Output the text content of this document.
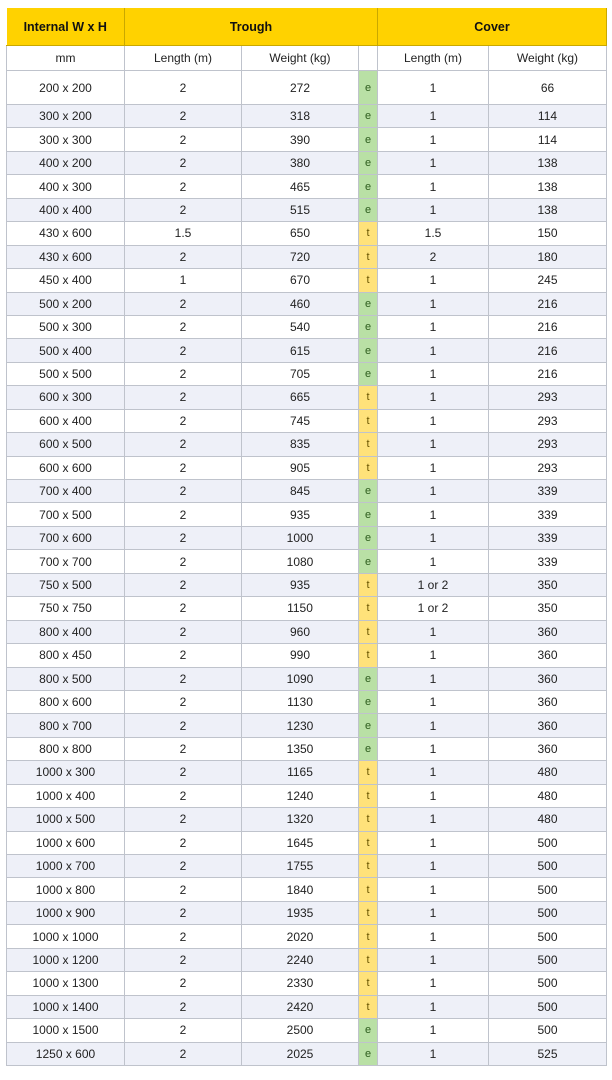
Internal W x H	Trough			Cover	
mm	Length (m)	Weight (kg)		Length (m)	Weight (kg)
200 x 200	2	272	e	1	66
300 x 200	2	318	e	1	114
300 x 300	2	390	e	1	114
400 x 200	2	380	e	1	138
400 x 300	2	465	e	1	138
400 x 400	2	515	e	1	138
430 x 600	1.5	650	t	1.5	150
430 x 600	2	720	t	2	180
450 x 400	1	670	t	1	245
500 x 200	2	460	e	1	216
500 x 300	2	540	e	1	216
500 x 400	2	615	e	1	216
500 x 500	2	705	e	1	216
600 x 300	2	665	t	1	293
600 x 400	2	745	t	1	293
600 x 500	2	835	t	1	293
600 x 600	2	905	t	1	293
700 x 400	2	845	e	1	339
700 x 500	2	935	e	1	339
700 x 600	2	1000	e	1	339
700 x 700	2	1080	e	1	339
750 x 500	2	935	t	1 or 2	350
750 x 750	2	1150	t	1 or 2	350
800 x 400	2	960	t	1	360
800 x 450	2	990	t	1	360
800 x 500	2	1090	e	1	360
800 x 600	2	1130	e	1	360
800 x 700	2	1230	e	1	360
800 x 800	2	1350	e	1	360
1000 x 300	2	1165	t	1	480
1000 x 400	2	1240	t	1	480
1000 x 500	2	1320	t	1	480
1000 x 600	2	1645	t	1	500
1000 x 700	2	1755	t	1	500
1000 x 800	2	1840	t	1	500
1000 x 900	2	1935	t	1	500
1000 x 1000	2	2020	t	1	500
1000 x 1200	2	2240	t	1	500
1000 x 1300	2	2330	t	1	500
1000 x 1400	2	2420	t	1	500
1000 x 1500	2	2500	e	1	500
1250 x 600	2	2025	e	1	525
